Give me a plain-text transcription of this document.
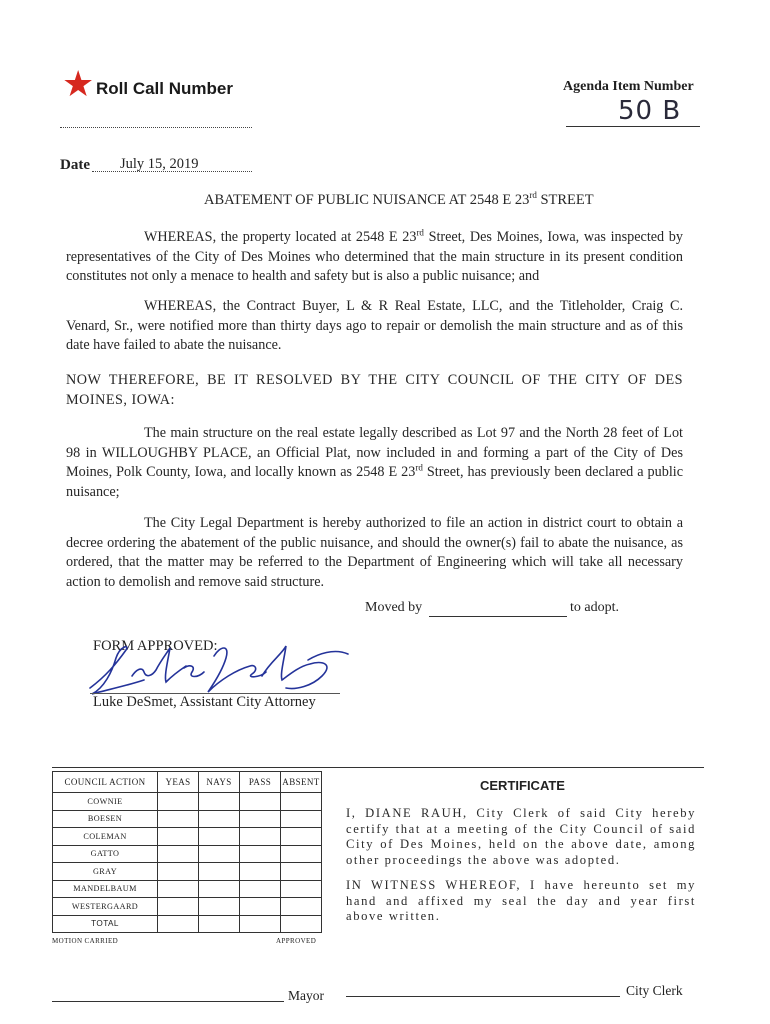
★ Roll Call Number	Agenda Item Number
50 B
Date July 15, 2019
ABATEMENT OF PUBLIC NUISANCE AT 2548 E 23rd STREET
WHEREAS, the property located at 2548 E 23rd Street, Des Moines, Iowa, was inspected by representatives of the City of Des Moines who determined that the main structure in its present condition constitutes not only a menace to health and safety but is also a public nuisance; and
WHEREAS, the Contract Buyer, L & R Real Estate, LLC, and the Titleholder, Craig C. Venard, Sr., were notified more than thirty days ago to repair or demolish the main structure and as of this date have failed to abate the nuisance.
NOW THEREFORE, BE IT RESOLVED BY THE CITY COUNCIL OF THE CITY OF DES MOINES, IOWA:
The main structure on the real estate legally described as Lot 97 and the North 28 feet of Lot 98 in WILLOUGHBY PLACE, an Official Plat, now included in and forming a part of the City of Des Moines, Polk County, Iowa, and locally known as 2548 E 23rd Street, has previously been declared a public nuisance;
The City Legal Department is hereby authorized to file an action in district court to obtain a decree ordering the abatement of the public nuisance, and should the owner(s) fail to abate the nuisance, as ordered, that the matter may be referred to the Department of Engineering which will take all necessary action to demolish and remove said structure.
Moved by	to adopt.
FORM APPROVED:
Luke DeSmet, Assistant City Attorney
COUNCIL ACTION	YEAS	NAYS	PASS	ABSENT
COWNIE				
BOESEN				
COLEMAN				
GATTO				
GRAY				
MANDELBAUM				
WESTERGAARD				
TOTAL				
MOTION CARRIED	APPROVED
CERTIFICATE
I, DIANE RAUH, City Clerk of said City hereby certify that at a meeting of the City Council of said City of Des Moines, held on the above date, among other proceedings the above was adopted.
IN WITNESS WHEREOF, I have hereunto set my hand and affixed my seal the day and year first above written.
Mayor	City Clerk
